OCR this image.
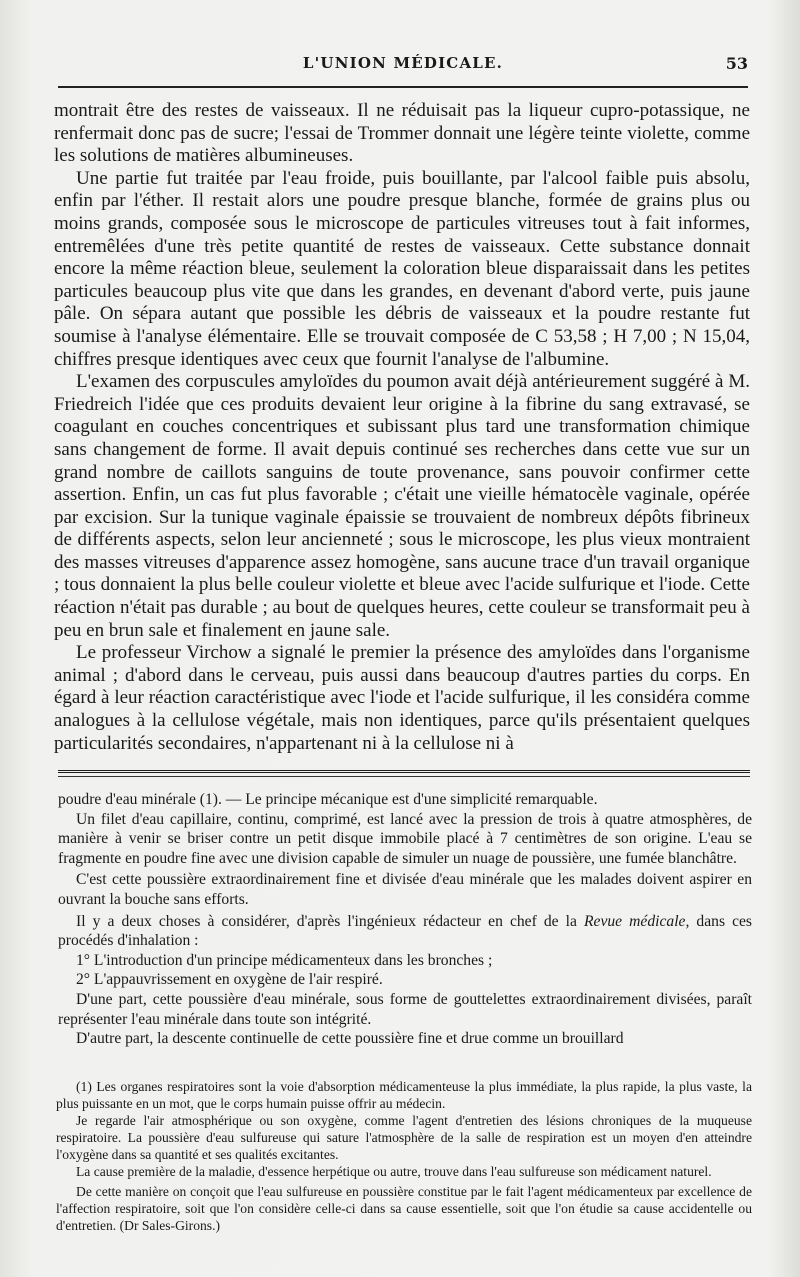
L'UNION MÉDICALE.	53

montrait être des restes de vaisseaux. Il ne réduisait pas la liqueur cupro-potassique, ne renfermait donc pas de sucre; l'essai de Trommer donnait une légère teinte violette, comme les solutions de matières albumineuses.

Une partie fut traitée par l'eau froide, puis bouillante, par l'alcool faible puis absolu, enfin par l'éther. Il restait alors une poudre presque blanche, formée de grains plus ou moins grands, composée sous le microscope de particules vitreuses tout à fait informes, entremêlées d'une très petite quantité de restes de vaisseaux. Cette substance donnait encore la même réaction bleue, seulement la coloration bleue disparaissait dans les petites particules beaucoup plus vite que dans les grandes, en devenant d'abord verte, puis jaune pâle. On sépara autant que possible les débris de vaisseaux et la poudre restante fut soumise à l'analyse élémentaire. Elle se trouvait composée de C 53,58 ; H 7,00 ; N 15,04, chiffres presque identiques avec ceux que fournit l'analyse de l'albumine.

L'examen des corpuscules amyloïdes du poumon avait déjà antérieurement suggéré à M. Friedreich l'idée que ces produits devaient leur origine à la fibrine du sang extravasé, se coagulant en couches concentriques et subissant plus tard une transformation chimique sans changement de forme. Il avait depuis continué ses recherches dans cette vue sur un grand nombre de caillots sanguins de toute provenance, sans pouvoir confirmer cette assertion. Enfin, un cas fut plus favorable ; c'était une vieille hématocèle vaginale, opérée par excision. Sur la tunique vaginale épaissie se trouvaient de nombreux dépôts fibrineux de différents aspects, selon leur ancienneté ; sous le microscope, les plus vieux montraient des masses vitreuses d'apparence assez homogène, sans aucune trace d'un travail organique ; tous donnaient la plus belle couleur violette et bleue avec l'acide sulfurique et l'iode. Cette réaction n'était pas durable ; au bout de quelques heures, cette couleur se transformait peu à peu en brun sale et finalement en jaune sale.

Le professeur Virchow a signalé le premier la présence des amyloïdes dans l'organisme animal ; d'abord dans le cerveau, puis aussi dans beaucoup d'autres parties du corps. En égard à leur réaction caractéristique avec l'iode et l'acide sulfurique, il les considéra comme analogues à la cellulose végétale, mais non identiques, parce qu'ils présentaient quelques particularités secondaires, n'appartenant ni à la cellulose ni à

poudre d'eau minérale (1). — Le principe mécanique est d'une simplicité remarquable.

Un filet d'eau capillaire, continu, comprimé, est lancé avec la pression de trois à quatre atmosphères, de manière à venir se briser contre un petit disque immobile placé à 7 centimètres de son origine. L'eau se fragmente en poudre fine avec une division capable de simuler un nuage de poussière, une fumée blanchâtre.

C'est cette poussière extraordinairement fine et divisée d'eau minérale que les malades doivent aspirer en ouvrant la bouche sans efforts.

Il y a deux choses à considérer, d'après l'ingénieux rédacteur en chef de la Revue médicale, dans ces procédés d'inhalation :

1° L'introduction d'un principe médicamenteux dans les bronches ;

2° L'appauvrissement en oxygène de l'air respiré.

D'une part, cette poussière d'eau minérale, sous forme de gouttelettes extraordinairement divisées, paraît représenter l'eau minérale dans toute son intégrité.

D'autre part, la descente continuelle de cette poussière fine et drue comme un brouillard

(1) Les organes respiratoires sont la voie d'absorption médicamenteuse la plus immédiate, la plus rapide, la plus vaste, la plus puissante en un mot, que le corps humain puisse offrir au médecin.

Je regarde l'air atmosphérique ou son oxygène, comme l'agent d'entretien des lésions chroniques de la muqueuse respiratoire. La poussière d'eau sulfureuse qui sature l'atmosphère de la salle de respiration est un moyen d'en atteindre l'oxygène dans sa quantité et ses qualités excitantes.

La cause première de la maladie, d'essence herpétique ou autre, trouve dans l'eau sulfureuse son médicament naturel.

De cette manière on conçoit que l'eau sulfureuse en poussière constitue par le fait l'agent médicamenteux par excellence de l'affection respiratoire, soit que l'on considère celle-ci dans sa cause essentielle, soit que l'on étudie sa cause accidentelle ou d'entretien. (Dr Sales-Girons.)
